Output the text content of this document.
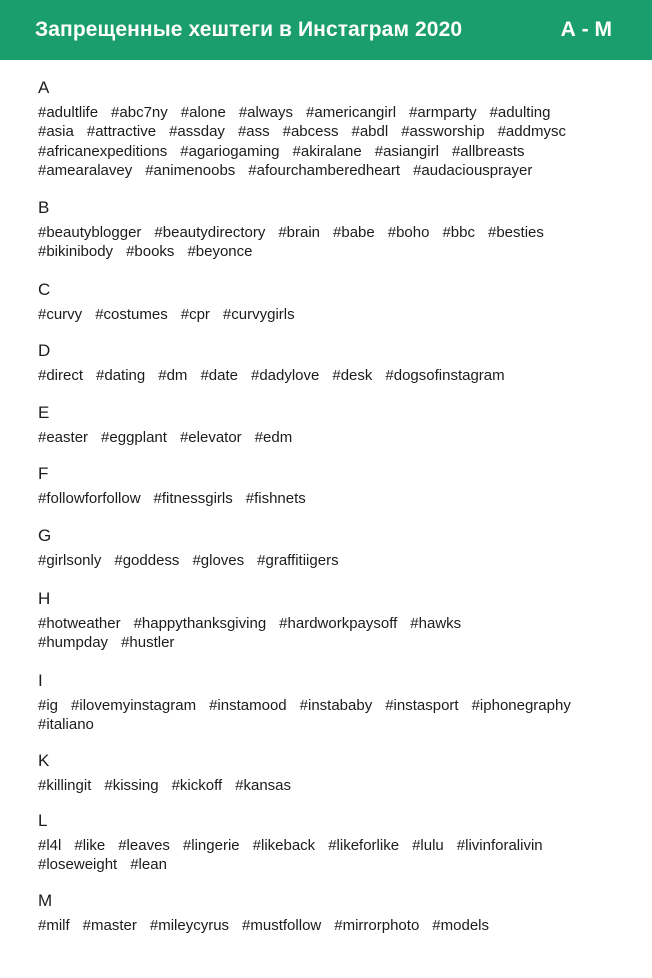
Запрещенные хештеги в Инстаграм 2020	А - М
A
#adultlife #abc7ny #alone #always #americangirl #armparty #adulting
#asia #attractive #assday #ass #abcess #abdl #assworship #addmysc
#africanexpeditions #agariogaming #akiralane #asiangirl #allbreasts
#amearalavey #animenoobs #afourchamberedheart #audaciousprayer
B
#beautyblogger #beautydirectory #brain #babe #boho #bbc #besties
#bikinibody #books #beyonce
C
#curvy #costumes #cpr #curvygirls
D
#direct #dating #dm #date #dadylove #desk #dogsofinstagram
E
#easter #eggplant #elevator #edm
F
#followforfollow #fitnessgirls #fishnets
G
#girlsonly #goddess #gloves #graffitiigers
H
#hotweather #happythanksgiving #hardworkpaysoff #hawks
#humpday #hustler
I
#ig #ilovemyinstagram #instamood #instababy #instasport #iphonegraphy
#italiano
K
#killingit #kissing #kickoff #kansas
L
#l4l #like #leaves #lingerie #likeback #likeforlike #lulu #livinforalivin
#loseweight #lean
M
#milf #master #mileycyrus #mustfollow #mirrorphoto #models
